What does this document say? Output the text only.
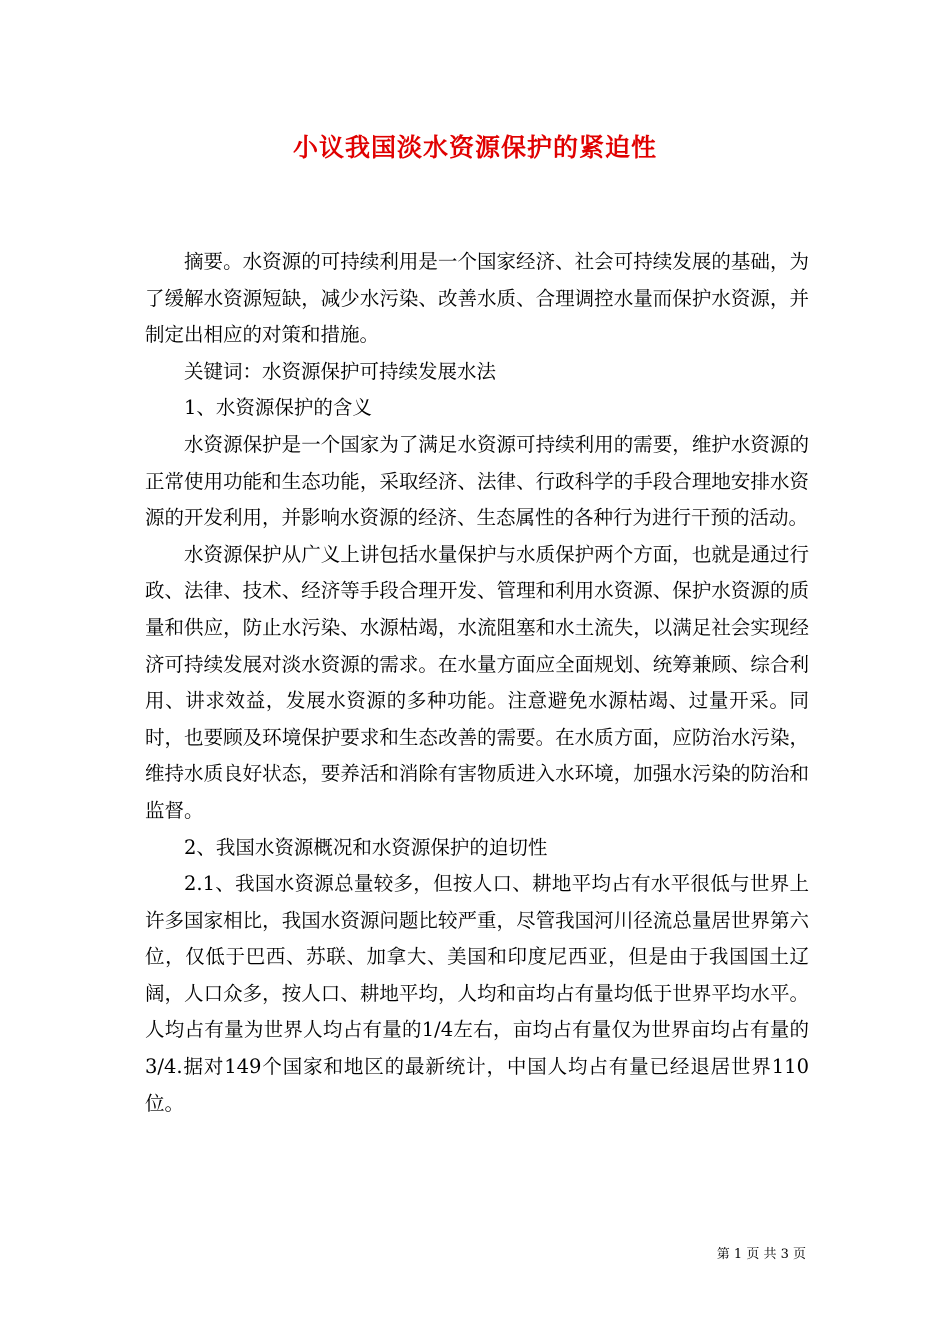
小议我国淡水资源保护的紧迫性

摘要。水资源的可持续利用是一个国家经济、社会可持续发展的基础，为了缓解水资源短缺，减少水污染、改善水质、合理调控水量而保护水资源，并制定出相应的对策和措施。

关键词：水资源保护可持续发展水法

1、水资源保护的含义

水资源保护是一个国家为了满足水资源可持续利用的需要，维护水资源的正常使用功能和生态功能，采取经济、法律、行政科学的手段合理地安排水资源的开发利用，并影响水资源的经济、生态属性的各种行为进行干预的活动。

水资源保护从广义上讲包括水量保护与水质保护两个方面，也就是通过行政、法律、技术、经济等手段合理开发、管理和利用水资源、保护水资源的质量和供应，防止水污染、水源枯竭，水流阻塞和水土流失，以满足社会实现经济可持续发展对淡水资源的需求。在水量方面应全面规划、统筹兼顾、综合利用、讲求效益，发展水资源的多种功能。注意避免水源枯竭、过量开采。同时，也要顾及环境保护要求和生态改善的需要。在水质方面，应防治水污染，维持水质良好状态，要养活和消除有害物质进入水环境，加强水污染的防治和监督。

2、我国水资源概况和水资源保护的迫切性

2.1、我国水资源总量较多，但按人口、耕地平均占有水平很低与世界上许多国家相比，我国水资源问题比较严重，尽管我国河川径流总量居世界第六位，仅低于巴西、苏联、加拿大、美国和印度尼西亚，但是由于我国国土辽阔，人口众多，按人口、耕地平均，人均和亩均占有量均低于世界平均水平。人均占有量为世界人均占有量的1/4左右，亩均占有量仅为世界亩均占有量的3/4.据对149个国家和地区的最新统计，中国人均占有量已经退居世界110位。

第 1 页 共 3 页
